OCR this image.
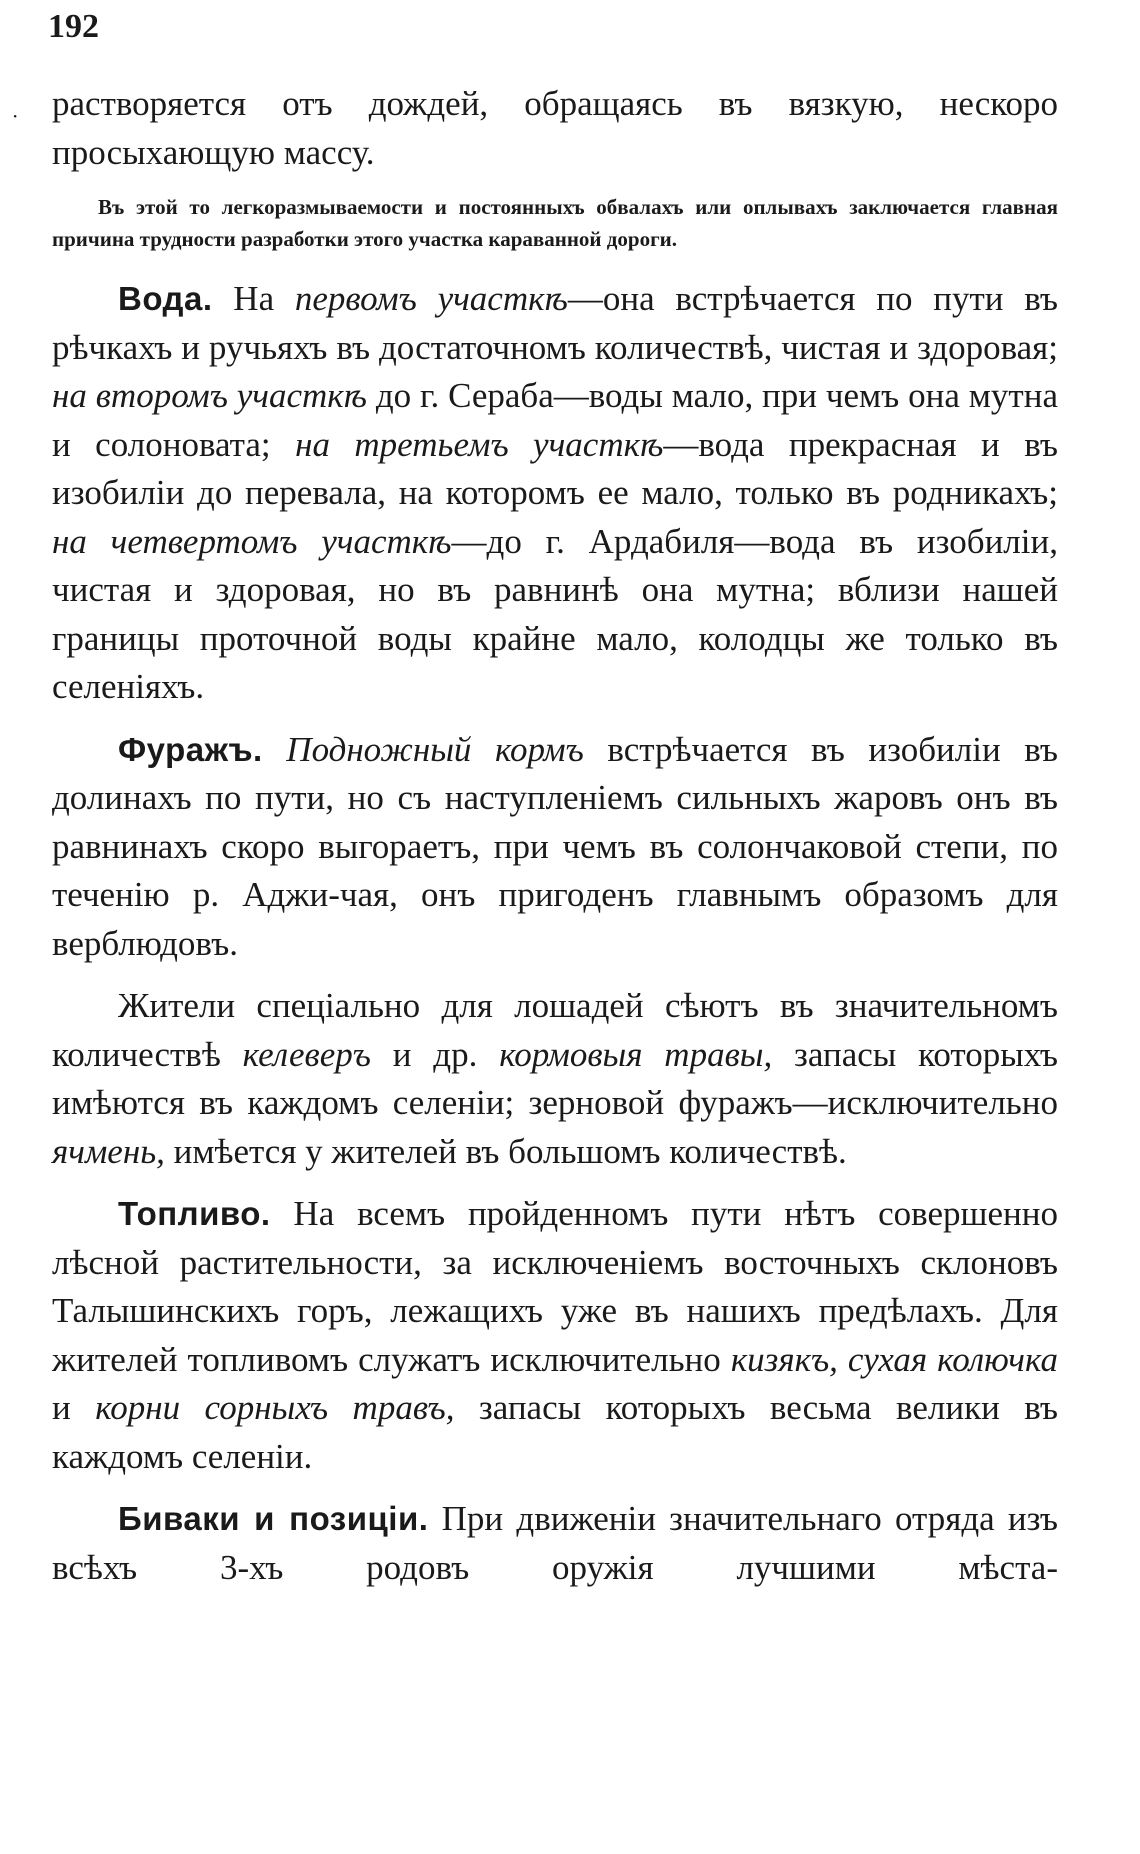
192
· растворяется отъ дождей, обращаясь въ вязкую, нескоро просыхающую массу.

Въ этой то легкоразмываемости и постоянныхъ обвалахъ или оплывахъ заключается главная причина трудности разработки этого участка караванной дороги.

Вода. На первомъ участкѣ—она встрѣчается по пути въ рѣчкахъ и ручьяхъ въ достаточномъ количествѣ, чистая и здоровая; на второмъ участкѣ до г. Сераба—воды мало, при чемъ она мутна и солоновата; на третьемъ участкѣ—вода прекрасная и въ изобиліи до перевала, на которомъ ее мало, только въ родникахъ; на четвертомъ участкѣ—до г. Ардабиля—вода въ изобиліи, чистая и здоровая, но въ равнинѣ она мутна; вблизи нашей границы проточной воды крайне мало, колодцы же только въ селеніяхъ.

Фуражъ. Подножный кормъ встрѣчается въ изобиліи въ долинахъ по пути, но съ наступленіемъ сильныхъ жаровъ онъ въ равнинахъ скоро выгораетъ, при чемъ въ солончаковой степи, по теченію р. Аджи-чая, онъ пригоденъ главнымъ образомъ для верблюдовъ.

Жители спеціально для лошадей сѣютъ въ значительномъ количествѣ келеверъ и др. кормовыя травы, запасы которыхъ имѣются въ каждомъ селеніи; зерновой фуражъ—исключительно ячмень, имѣется у жителей въ большомъ количествѣ.

Топливо. На всемъ пройденномъ пути нѣтъ совершенно лѣсной растительности, за исключеніемъ восточныхъ склоновъ Талышинскихъ горъ, лежащихъ уже въ нашихъ предѣлахъ. Для жителей топливомъ служатъ исключительно кизякъ, сухая колючка и корни сорныхъ травъ, запасы которыхъ весьма велики въ каждомъ селеніи.

Биваки и позиціи. При движеніи значительнаго отряда изъ всѣхъ 3-хъ родовъ оружія лучшими мѣста-
